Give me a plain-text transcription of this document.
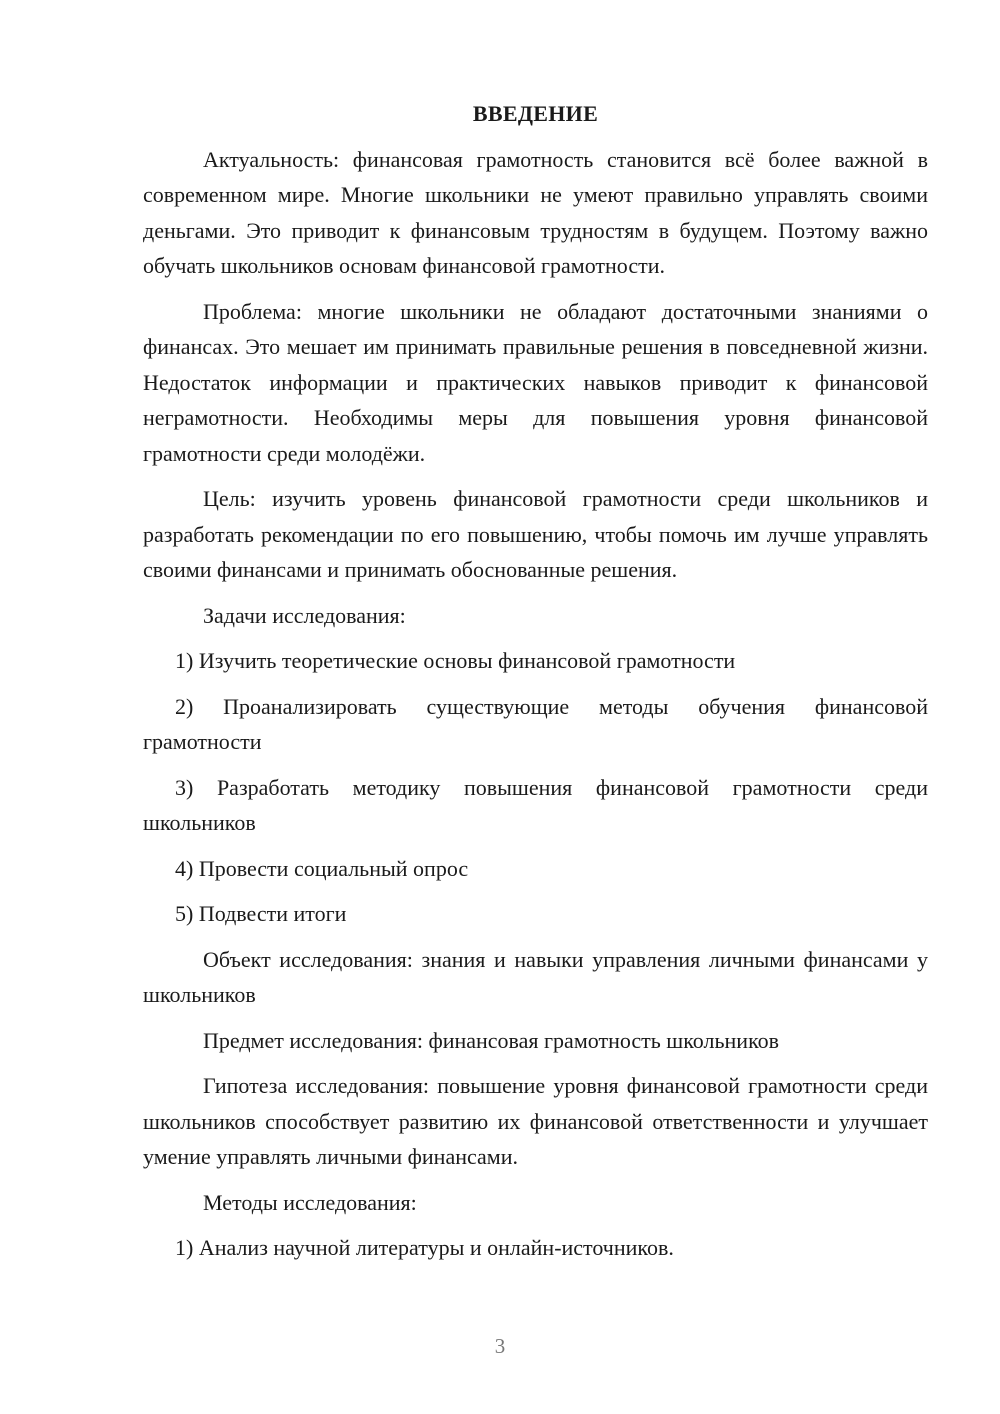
ВВЕДЕНИЕ

Актуальность: финансовая грамотность становится всё более важной в современном мире. Многие школьники не умеют правильно управлять своими деньгами. Это приводит к финансовым трудностям в будущем. Поэтому важно обучать школьников основам финансовой грамотности.

Проблема: многие школьники не обладают достаточными знаниями о финансах. Это мешает им принимать правильные решения в повседневной жизни. Недостаток информации и практических навыков приводит к финансовой неграмотности. Необходимы меры для повышения уровня финансовой грамотности среди молодёжи.

Цель: изучить уровень финансовой грамотности среди школьников и разработать рекомендации по его повышению, чтобы помочь им лучше управлять своими финансами и принимать обоснованные решения.

Задачи исследования:

1) Изучить теоретические основы финансовой грамотности

2) Проанализировать существующие методы обучения финансовой грамотности

3) Разработать методику повышения финансовой грамотности среди школьников

4) Провести социальный опрос

5) Подвести итоги

Объект исследования: знания и навыки управления личными финансами у школьников

Предмет исследования: финансовая грамотность школьников

Гипотеза исследования: повышение уровня финансовой грамотности среди школьников способствует развитию их финансовой ответственности и улучшает умение управлять личными финансами.

Методы исследования:

1) Анализ научной литературы и онлайн-источников.

3
